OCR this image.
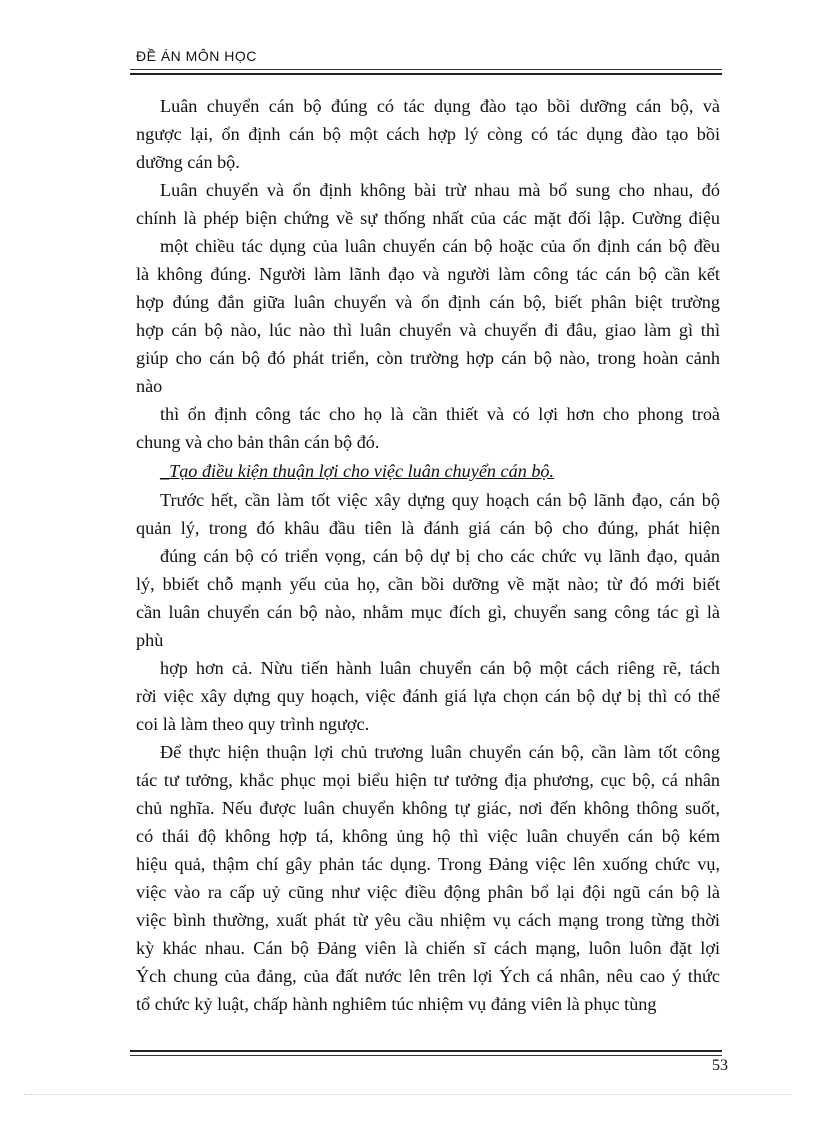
ĐỀ ÁN MÔN HỌC
Luân chuyển cán bộ đúng có tác dụng đào tạo bồi dưỡng cán bộ, và
ngược lại, ổn định cán bộ một cách hợp lý còng có tác dụng đào tạo bồi
dưỡng cán bộ.
Luân chuyển và ổn định không bài trừ nhau mà bổ sung cho nhau, đó
chính là phép biện chứng về sự thống nhất của các mặt đối lập. Cường điệu
một chiều tác dụng của luân chuyển cán bộ hoặc của ổn định cán bộ đều
là không đúng. Người làm lãnh đạo và người làm công tác cán bộ cần kết
hợp đúng đắn giữa luân chuyển và ổn định cán bộ, biết phân biệt trường
hợp cán bộ nào, lúc nào thì luân chuyển và chuyển đi đâu, giao làm gì thì
giúp cho cán bộ đó phát triển, còn trường hợp cán bộ nào, trong hoàn cảnh
nào
thì ổn định công tác cho họ là cần thiết và có lợi hơn cho phong troà
chung và cho bản thân cán bộ đó.
_Tạo điều kiện thuận lợi cho việc luân chuyển cán bộ.
Trước hết, cần làm tốt việc xây dựng quy hoạch cán bộ lãnh đạo, cán bộ
quản lý, trong đó khâu đầu tiên là đánh giá cán bộ cho đúng, phát hiện
đúng cán bộ có triển vọng, cán bộ dự bị cho các chức vụ lãnh đạo, quản
lý, bbiết chỗ mạnh yếu của họ, cần bồi dưỡng về mặt nào; từ đó mới biết
cần luân chuyển cán bộ nào, nhằm mục đích gì, chuyển sang công tác gì là
phù
hợp hơn cả. Nừu tiến hành luân chuyển cán bộ một cách riêng rẽ, tách
rời việc xây dựng quy hoạch, việc đánh giá lựa chọn cán bộ dự bị thì có thể
coi là làm theo quy trình ngược.
Để thực hiện thuận lợi chủ trương luân chuyển cán bộ, cần làm tốt công
tác tư tưởng, khắc phục mọi biểu hiện tư tưởng địa phương, cục bộ, cá nhân
chủ nghĩa. Nếu được luân chuyển không tự giác, nơi đến không thông suốt,
có thái độ không hợp tá, không ủng hộ thì việc luân chuyển cán bộ kém
hiệu quả, thậm chí gây phản tác dụng. Trong Đảng việc lên xuống chức vụ,
việc vào ra cấp uỷ cũng như việc điều động phân bổ lại đội ngũ cán bộ là
việc bình thường, xuất phát từ yêu cầu nhiệm vụ cách mạng trong từng thời
kỳ khác nhau. Cán bộ Đảng viên là chiến sĩ cách mạng, luôn luôn đặt lợi
Ých chung của đảng, của đất nước lên trên lợi Ých cá nhân, nêu cao ý thức
tổ chức kỷ luật, chấp hành nghiêm túc nhiệm vụ đảng viên là phục tùng
53
